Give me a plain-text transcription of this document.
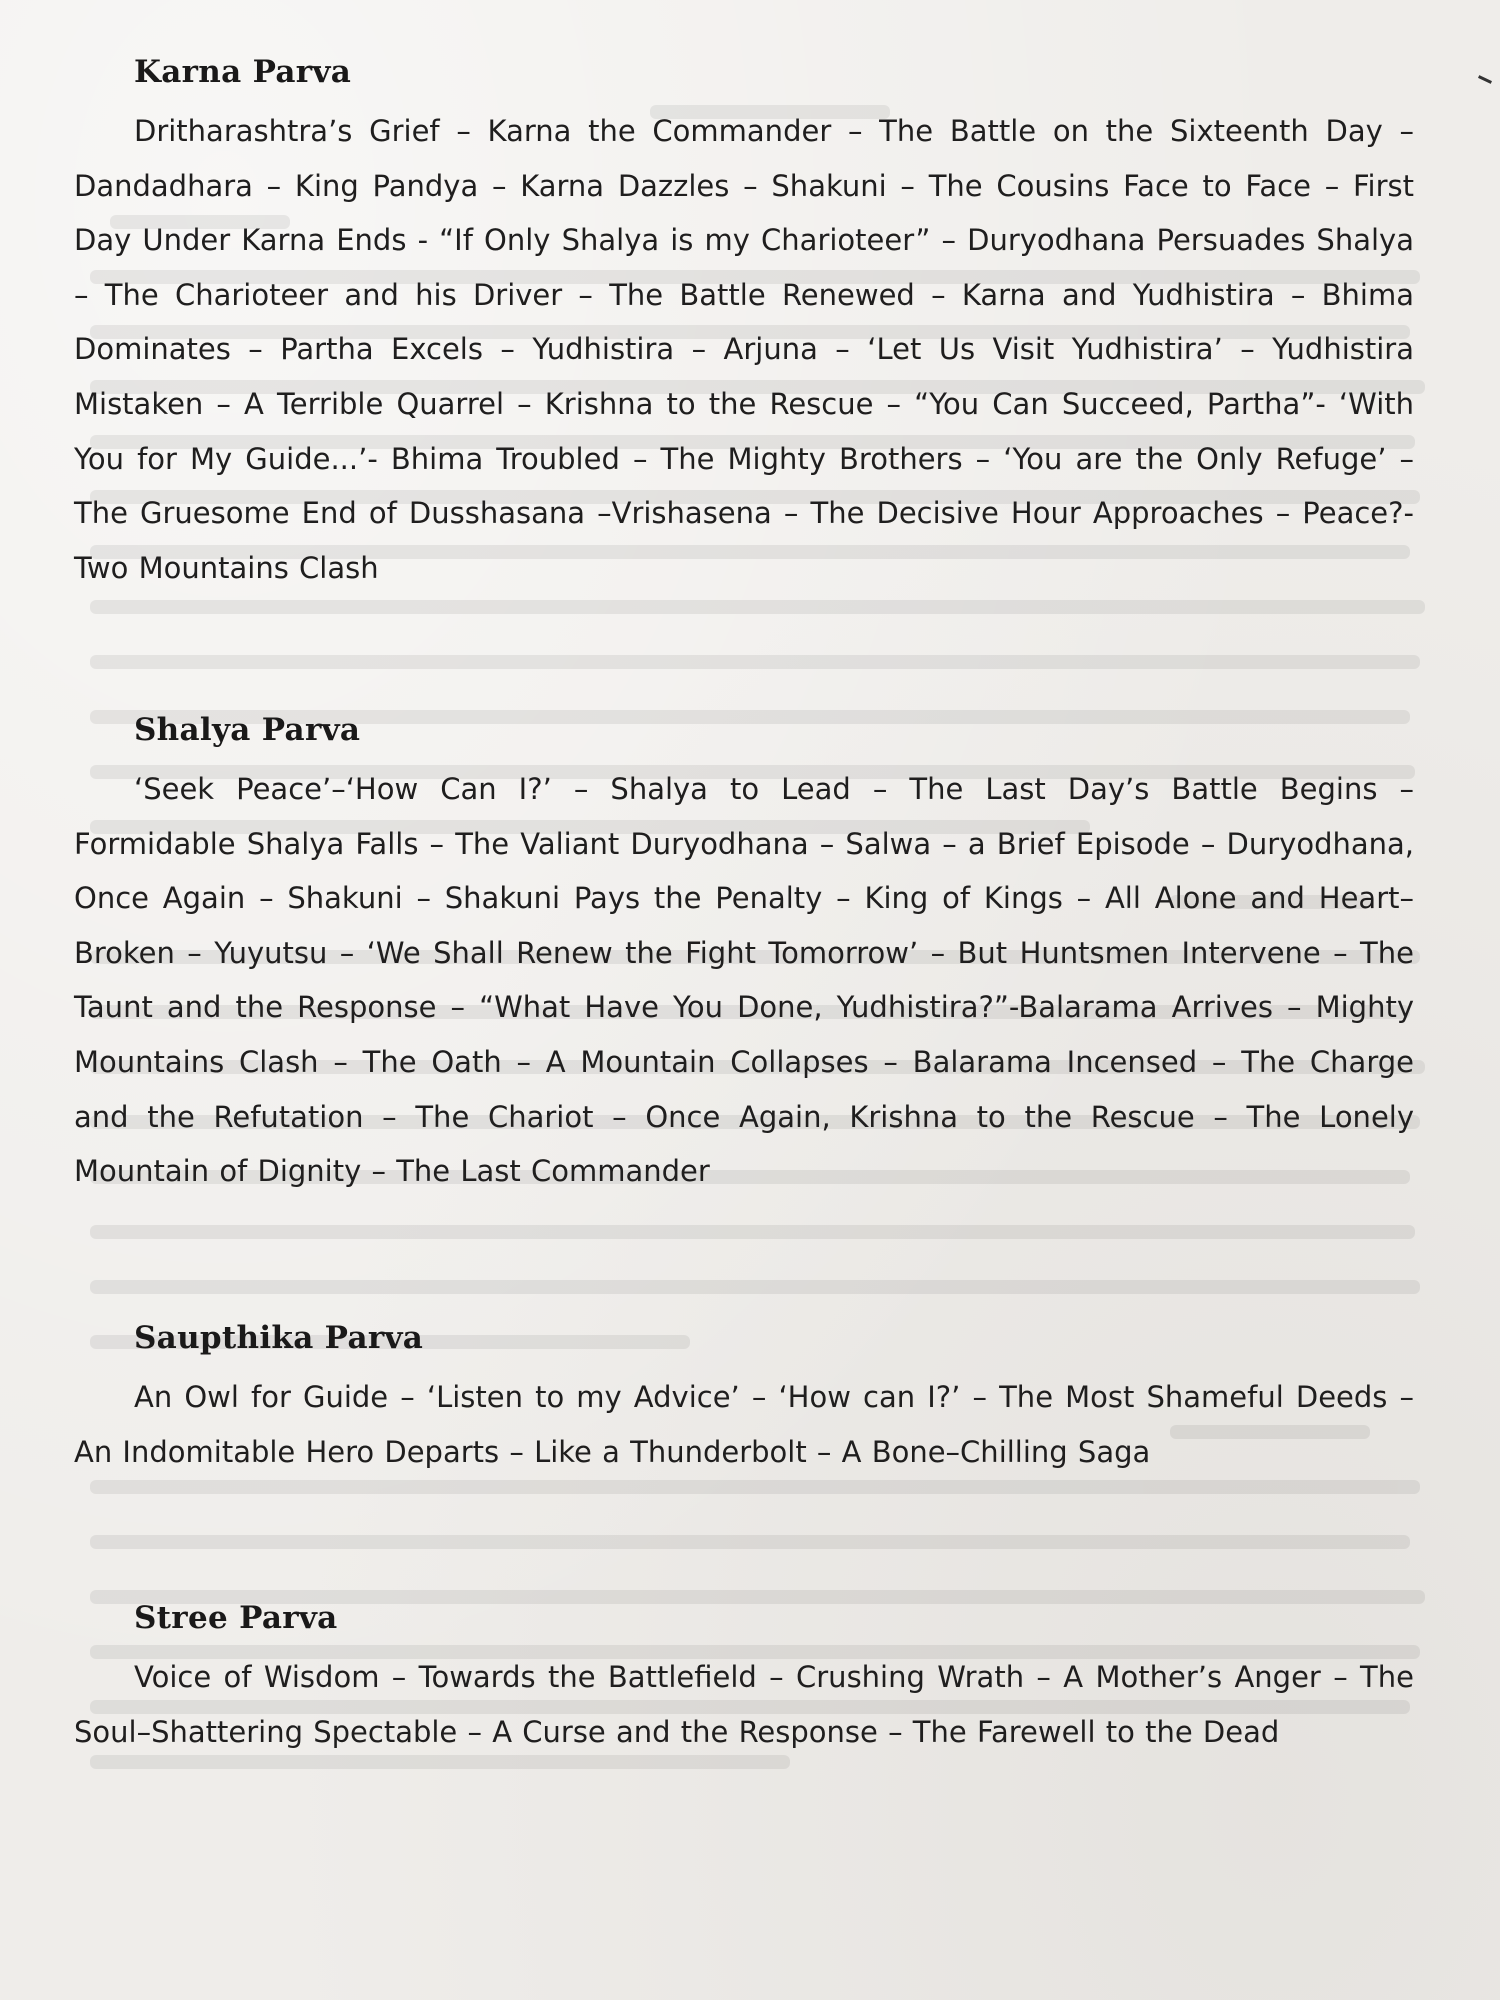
Karna Parva

Dritharashtra’s Grief – Karna the Commander – The Battle on the Sixteenth Day – Dandadhara – King Pandya – Karna Dazzles – Shakuni – The Cousins Face to Face – First Day Under Karna Ends - “If Only Shalya is my Charioteer” – Duryodhana Persuades Shalya – The Charioteer and his Driver – The Battle Renewed – Karna and Yudhistira – Bhima Dominates – Partha Excels – Yudhistira – Arjuna – ‘Let Us Visit Yudhistira’ – Yudhistira Mistaken – A Terrible Quarrel – Krishna to the Rescue – “You Can Succeed, Partha”- ‘With You for My Guide...’- Bhima Troubled – The Mighty Brothers – ‘You are the Only Refuge’ – The Gruesome End of Dusshasana –Vrishasena – The Decisive Hour Approaches – Peace?- Two Mountains Clash

Shalya Parva

‘Seek Peace’–‘How Can I?’ – Shalya to Lead – The Last Day’s Battle Begins – Formidable Shalya Falls – The Valiant Duryodhana – Salwa – a Brief Episode – Duryodhana, Once Again – Shakuni – Shakuni Pays the Penalty – King of Kings – All Alone and Heart–Broken – Yuyutsu – ‘We Shall Renew the Fight Tomorrow’ – But Huntsmen Intervene – The Taunt and the Response – “What Have You Done, Yudhistira?”-Balarama Arrives – Mighty Mountains Clash – The Oath – A Mountain Collapses – Balarama Incensed – The Charge and the Refutation – The Chariot – Once Again, Krishna to the Rescue – The Lonely Mountain of Dignity – The Last Commander

Saupthika Parva

An Owl for Guide – ‘Listen to my Advice’ – ‘How can I?’ – The Most Shameful Deeds – An Indomitable Hero Departs – Like a Thunderbolt – A Bone–Chilling Saga

Stree Parva

Voice of Wisdom – Towards the Battlefield – Crushing Wrath – A Mother’s Anger – The Soul–Shattering Spectable – A Curse and the Response – The Farewell to the Dead
